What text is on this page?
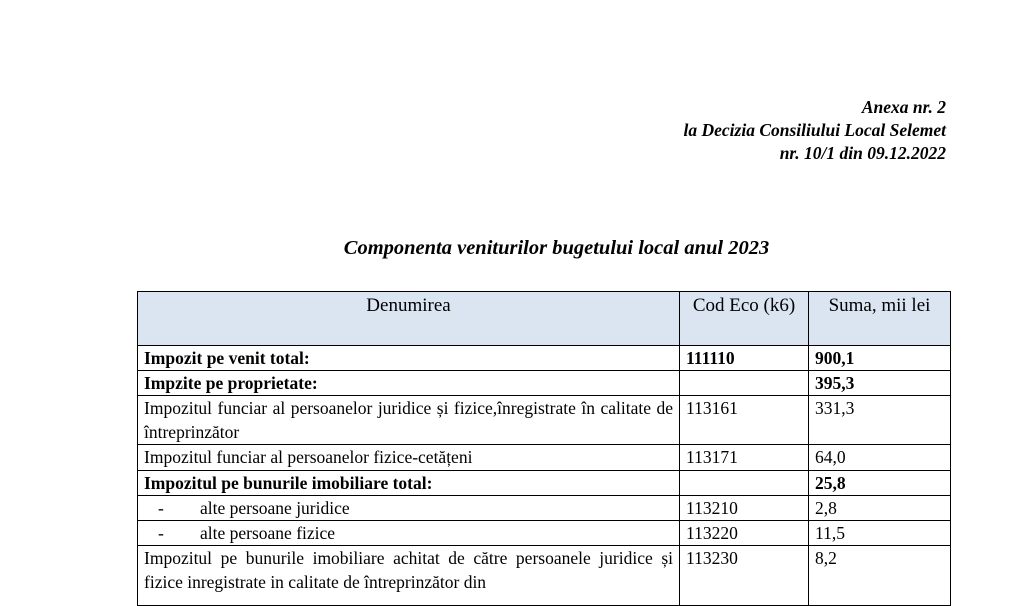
Anexa nr. 2
la Decizia Consiliului Local Selemet
nr. 10/1 din 09.12.2022
Componenta veniturilor bugetului local anul 2023
Denumirea	Cod Eco (k6)	Suma, mii lei
Impozit pe venit total:	111110	900,1
Impzite pe proprietate:		395,3
Impozitul funciar al persoanelor juridice și fizice,înregistrate în calitate de întreprinzător	113161	331,3
Impozitul funciar al persoanelor fizice-cetățeni	113171	64,0
Impozitul pe bunurile imobiliare total:		25,8
- alte persoane juridice	113210	2,8
- alte persoane fizice	113220	11,5
Impozitul pe bunurile imobiliare achitat de către persoanele juridice și fizice inregistrate in calitate de întreprinzător din	113230	8,2
